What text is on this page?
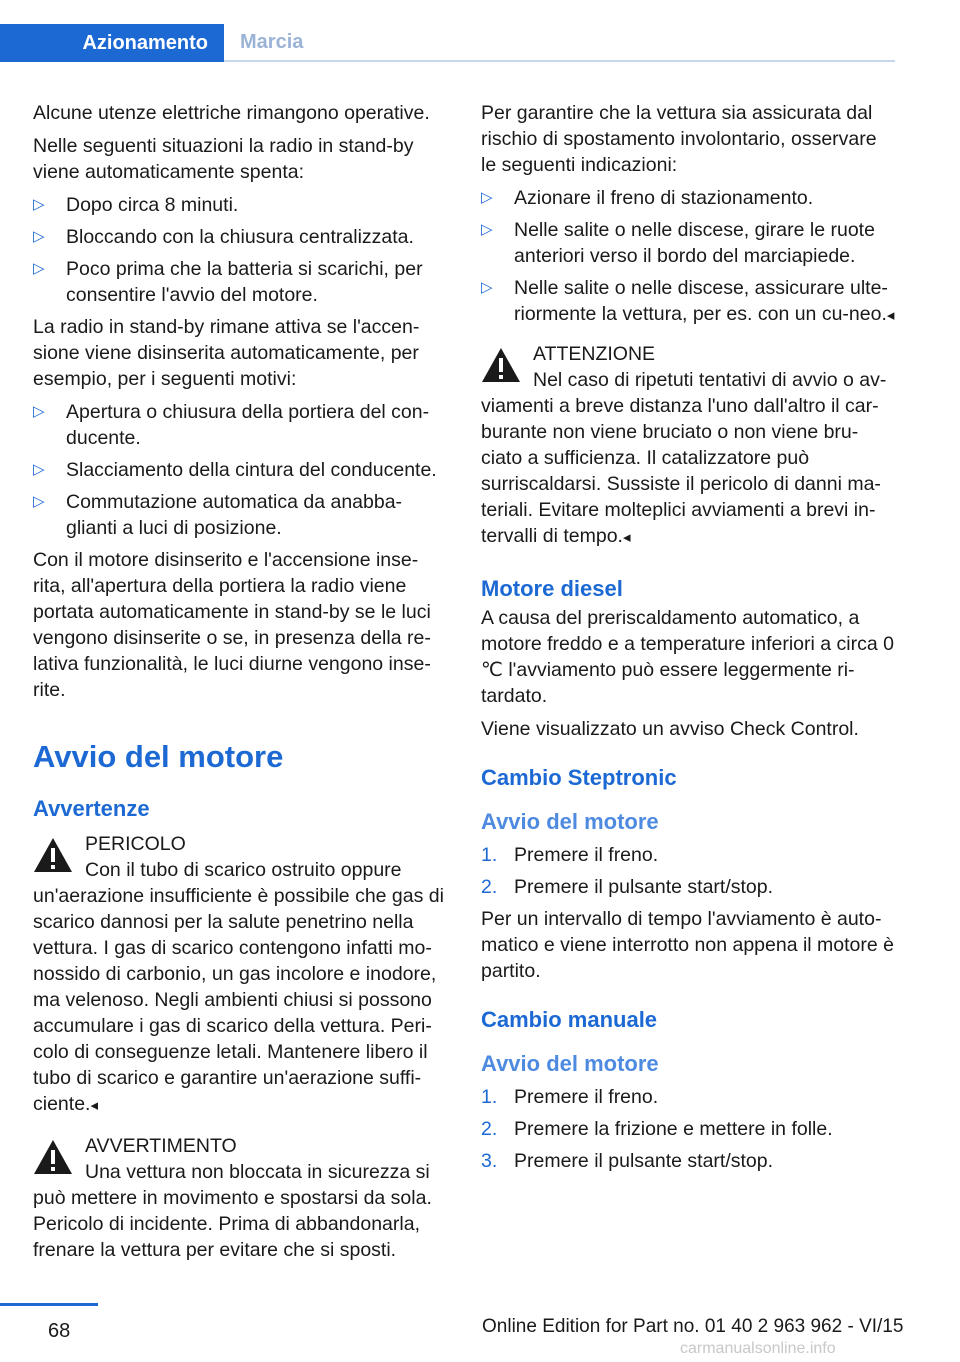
Azionamento	Marcia

Alcune utenze elettriche rimangono operative.

Nelle seguenti situazioni la radio in stand-by viene automaticamente spenta:

▷ Dopo circa 8 minuti.
▷ Bloccando con la chiusura centralizzata.
▷ Poco prima che la batteria si scarichi, per consentire l'avvio del motore.

La radio in stand-by rimane attiva se l'accen-sione viene disinserita automaticamente, per esempio, per i seguenti motivi:

▷ Apertura o chiusura della portiera del con-ducente.
▷ Slacciamento della cintura del conducente.
▷ Commutazione automatica da anabba-glianti a luci di posizione.

Con il motore disinserito e l'accensione inse-rita, all'apertura della portiera la radio viene portata automaticamente in stand-by se le luci vengono disinserite o se, in presenza della re-lativa funzionalità, le luci diurne vengono inse-rite.

Avvio del motore
Avvertenze
PERICOLO
Con il tubo di scarico ostruito oppure un'aerazione insufficiente è possibile che gas di scarico dannosi per la salute penetrino nella vettura. I gas di scarico contengono infatti mo-nossido di carbonio, un gas incolore e inodore, ma velenoso. Negli ambienti chiusi si possono accumulare i gas di scarico della vettura. Peri-colo di conseguenze letali. Mantenere libero il tubo di scarico e garantire un'aerazione suffi-ciente.◂
AVVERTIMENTO
Una vettura non bloccata in sicurezza si può mettere in movimento e spostarsi da sola. Pericolo di incidente. Prima di abbandonarla, frenare la vettura per evitare che si sposti.

Per garantire che la vettura sia assicurata dal rischio di spostamento involontario, osservare le seguenti indicazioni:

▷ Azionare il freno di stazionamento.
▷ Nelle salite o nelle discese, girare le ruote anteriori verso il bordo del marciapiede.
▷ Nelle salite o nelle discese, assicurare ulte-riormente la vettura, per es. con un cu-neo.◂
ATTENZIONE
Nel caso di ripetuti tentativi di avvio o av-viamenti a breve distanza l'uno dall'altro il car-burante non viene bruciato o non viene bru-ciato a sufficienza. Il catalizzatore può surriscaldarsi. Sussiste il pericolo di danni ma-teriali. Evitare molteplici avviamenti a brevi in-tervalli di tempo.◂
Motore diesel

A causa del preriscaldamento automatico, a motore freddo e a temperature inferiori a circa 0 ℃ l'avviamento può essere leggermente ri-tardato.

Viene visualizzato un avviso Check Control.

Cambio Steptronic
Avvio del motore
1. Premere il freno.
2. Premere il pulsante start/stop.

Per un intervallo di tempo l'avviamento è auto-matico e viene interrotto non appena il motore è partito.

Cambio manuale
Avvio del motore
1. Premere il freno.
2. Premere la frizione e mettere in folle.
3. Premere il pulsante start/stop.
68	Online Edition for Part no. 01 40 2 963 962 - VI/15
carmanualsonline.info
